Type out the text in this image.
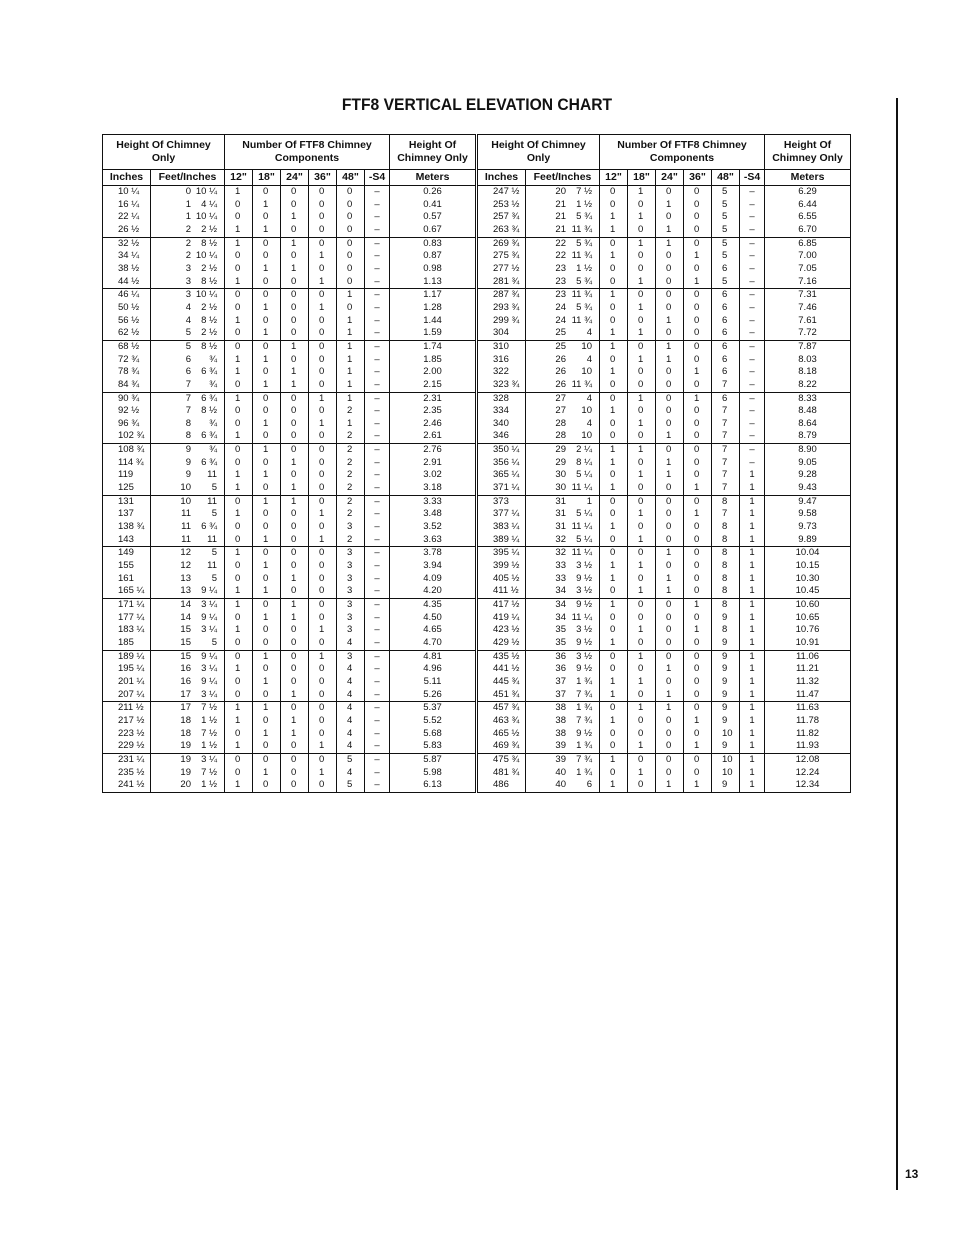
FTF8 VERTICAL ELEVATION CHART
Height Of Chimney Only		Number Of FTF8 Chimney Components						Height Of Chimney Only
Inches	Feet/Inches	12"	18"	24"	36"	48"	-S4	Meters
10 ¼	0 10 ¼	1	0	0	0	0	–	0.26
16 ¼	1 4 ¼	0	1	0	0	0	–	0.41
22 ¼	1 10 ¼	0	0	1	0	0	–	0.57
26 ½	2 2 ½	1	1	0	0	0	–	0.67
32 ½	2 8 ½	1	0	1	0	0	–	0.83
34 ¼	2 10 ¼	0	0	0	1	0	–	0.87
38 ½	3 2 ½	0	1	1	0	0	–	0.98
44 ½	3 8 ½	1	0	0	1	0	–	1.13
46 ¼	3 10 ¼	0	0	0	0	1	–	1.17
50 ½	4 2 ½	0	1	0	1	0	–	1.28
56 ½	4 8 ½	1	0	0	0	1	–	1.44
62 ½	5 2 ½	0	1	0	0	1	–	1.59
68 ½	5 8 ½	0	0	1	0	1	–	1.74
72 ¾	6 ¾	1	1	0	0	1	–	1.85
78 ¾	6 6 ¾	1	0	1	0	1	–	2.00
84 ¾	7 ¾	0	1	1	0	1	–	2.15
90 ¾	7 6 ¾	1	0	0	1	1	–	2.31
92 ½	7 8 ½	0	0	0	0	2	–	2.35
96 ¾	8 ¾	0	1	0	1	1	–	2.46
102 ¾	8 6 ¾	1	0	0	0	2	–	2.61
108 ¾	9 ¾	0	1	0	0	2	–	2.76
114 ¾	9 6 ¾	0	0	1	0	2	–	2.91
119	9 11	1	1	0	0	2	–	3.02
125	10 5	1	0	1	0	2	–	3.18
131	10 11	0	1	1	0	2	–	3.33
137	11 5	1	0	0	1	2	–	3.48
138 ¾	11 6 ¾	0	0	0	0	3	–	3.52
143	11 11	0	1	0	1	2	–	3.63
149	12 5	1	0	0	0	3	–	3.78
155	12 11	0	1	0	0	3	–	3.94
161	13 5	0	0	1	0	3	–	4.09
165 ¼	13 9 ¼	1	1	0	0	3	–	4.20
171 ¼	14 3 ¼	1	0	1	0	3	–	4.35
177 ¼	14 9 ¼	0	1	1	0	3	–	4.50
183 ¼	15 3 ¼	1	0	0	1	3	–	4.65
185	15 5	0	0	0	0	4	–	4.70
189 ¼	15 9 ¼	0	1	0	1	3	–	4.81
195 ¼	16 3 ¼	1	0	0	0	4	–	4.96
201 ¼	16 9 ¼	0	1	0	0	4	–	5.11
207 ¼	17 3 ¼	0	0	1	0	4	–	5.26
211 ½	17 7 ½	1	1	0	0	4	–	5.37
217 ½	18 1 ½	1	0	1	0	4	–	5.52
223 ½	18 7 ½	0	1	1	0	4	–	5.68
229 ½	19 1 ½	1	0	0	1	4	–	5.83
231 ¼	19 3 ¼	0	0	0	0	5	–	5.87
235 ½	19 7 ½	0	1	0	1	4	–	5.98
241 ½	20 1 ½	1	0	0	0	5	–	6.13
Height Of Chimney Only		Number Of FTF8 Chimney Components						Height Of Chimney Only
Inches	Feet/Inches	12"	18"	24"	36"	48"	-S4	Meters
247 ½	20 7 ½	0	1	0	0	5	–	6.29
253 ½	21 1 ½	0	0	1	0	5	–	6.44
257 ¾	21 5 ¾	1	1	0	0	5	–	6.55
263 ¾	21 11 ¾	1	0	1	0	5	–	6.70
269 ¾	22 5 ¾	0	1	1	0	5	–	6.85
275 ¾	22 11 ¾	1	0	0	1	5	–	7.00
277 ½	23 1 ½	0	0	0	0	6	–	7.05
281 ¾	23 5 ¾	0	1	0	1	5	–	7.16
287 ¾	23 11 ¾	1	0	0	0	6	–	7.31
293 ¾	24 5 ¾	0	1	0	0	6	–	7.46
299 ¾	24 11 ¾	0	0	1	0	6	–	7.61
304	25 4	1	1	0	0	6	–	7.72
310	25 10	1	0	1	0	6	–	7.87
316	26 4	0	1	1	0	6	–	8.03
322	26 10	1	0	0	1	6	–	8.18
323 ¾	26 11 ¾	0	0	0	0	7	–	8.22
328	27 4	0	1	0	1	6	–	8.33
334	27 10	1	0	0	0	7	–	8.48
340	28 4	0	1	0	0	7	–	8.64
346	28 10	0	0	1	0	7	–	8.79
350 ¼	29 2 ¼	1	1	0	0	7	–	8.90
356 ¼	29 8 ¼	1	0	1	0	7	–	9.05
365 ¼	30 5 ¼	0	1	1	0	7	1	9.28
371 ¼	30 11 ¼	1	0	0	1	7	1	9.43
373	31 1	0	0	0	0	8	1	9.47
377 ¼	31 5 ¼	0	1	0	1	7	1	9.58
383 ¼	31 11 ¼	1	0	0	0	8	1	9.73
389 ¼	32 5 ¼	0	1	0	0	8	1	9.89
395 ¼	32 11 ¼	0	0	1	0	8	1	10.04
399 ½	33 3 ½	1	1	0	0	8	1	10.15
405 ½	33 9 ½	1	0	1	0	8	1	10.30
411 ½	34 3 ½	0	1	1	0	8	1	10.45
417 ½	34 9 ½	1	0	0	1	8	1	10.60
419 ¼	34 11 ¼	0	0	0	0	9	1	10.65
423 ½	35 3 ½	0	1	0	1	8	1	10.76
429 ½	35 9 ½	1	0	0	0	9	1	10.91
435 ½	36 3 ½	0	1	0	0	9	1	11.06
441 ½	36 9 ½	0	0	1	0	9	1	11.21
445 ¾	37 1 ¾	1	1	0	0	9	1	11.32
451 ¾	37 7 ¾	1	0	1	0	9	1	11.47
457 ¾	38 1 ¾	0	1	1	0	9	1	11.63
463 ¾	38 7 ¾	1	0	0	1	9	1	11.78
465 ½	38 9 ½	0	0	0	0	10	1	11.82
469 ¾	39 1 ¾	0	1	0	1	9	1	11.93
475 ¾	39 7 ¾	1	0	0	0	10	1	12.08
481 ¾	40 1 ¾	0	1	0	0	10	1	12.24
486	40 6	1	0	1	1	9	1	12.34
13
